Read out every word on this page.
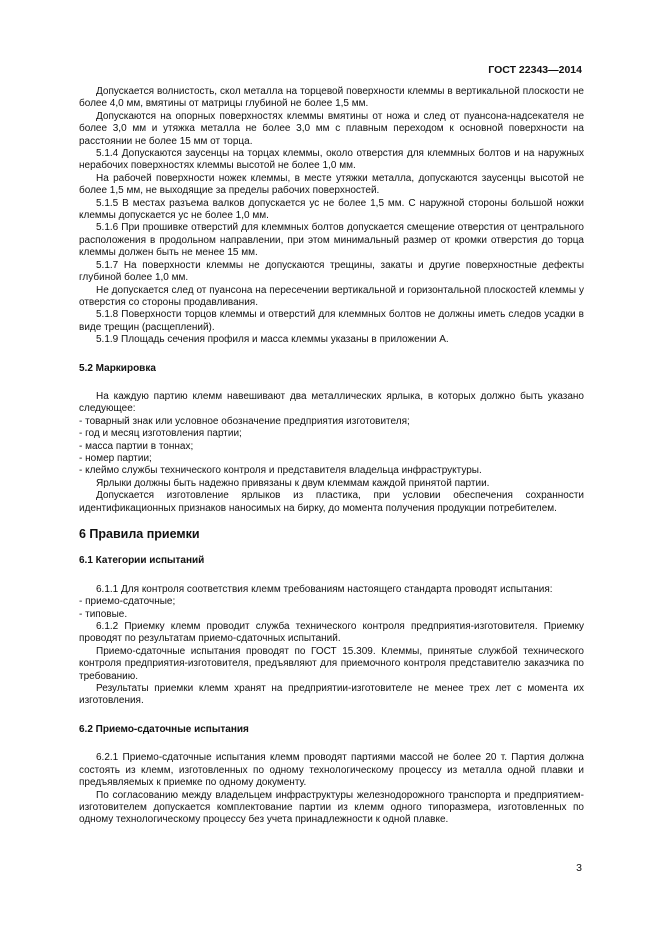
ГОСТ 22343—2014

Допускается волнистость, скол металла на торцевой поверхности клеммы в вертикальной плоскости не более 4,0 мм, вмятины от матрицы глубиной не более 1,5 мм.

Допускаются на опорных поверхностях клеммы вмятины от ножа и след от пуансона-надсекателя не более 3,0 мм и утяжка металла не более 3,0 мм с плавным переходом к основной поверхности на расстоянии не более 15 мм от торца.

5.1.4 Допускаются заусенцы на торцах клеммы, около отверстия для клеммных болтов и на наружных нерабочих поверхностях клеммы высотой не более 1,0 мм.

На рабочей поверхности ножек клеммы, в месте утяжки металла, допускаются заусенцы высотой не более 1,5 мм, не выходящие за пределы рабочих поверхностей.

5.1.5 В местах разъема валков допускается ус не более 1,5 мм. С наружной стороны большой ножки клеммы допускается ус не более 1,0 мм.

5.1.6 При прошивке отверстий для клеммных болтов допускается смещение отверстия от центрального расположения в продольном направлении, при этом минимальный размер от кромки отверстия до торца клеммы должен быть не менее 15 мм.

5.1.7 На поверхности клеммы не допускаются трещины, закаты и другие поверхностные дефекты глубиной более 1,0 мм.

Не допускается след от пуансона на пересечении вертикальной и горизонтальной плоскостей клеммы у отверстия со стороны продавливания.

5.1.8 Поверхности торцов клеммы и отверстий для клеммных болтов не должны иметь следов усадки в виде трещин (расщеплений).

5.1.9 Площадь сечения профиля и масса клеммы указаны в приложении А.

5.2 Маркировка

На каждую партию клемм навешивают два металлических ярлыка, в которых должно быть указано следующее:

- товарный знак или условное обозначение предприятия изготовителя;

- год и месяц изготовления партии;

- масса партии в тоннах;

- номер партии;

- клеймо службы технического контроля и представителя владельца инфраструктуры.

Ярлыки должны быть надежно привязаны к двум клеммам каждой принятой партии.

Допускается изготовление ярлыков из пластика, при условии обеспечения сохранности идентификационных признаков наносимых на бирку, до момента получения продукции потребителем.

6 Правила приемки
6.1 Категории испытаний

6.1.1 Для контроля соответствия клемм требованиям настоящего стандарта проводят испытания:

- приемо-сдаточные;

- типовые.

6.1.2 Приемку клемм проводит служба технического контроля предприятия-изготовителя. Приемку проводят по результатам приемо-сдаточных испытаний.

Приемо-сдаточные испытания проводят по ГОСТ 15.309. Клеммы, принятые службой технического контроля предприятия-изготовителя, предъявляют для приемочного контроля представителю заказчика по требованию.

Результаты приемки клемм хранят на предприятии-изготовителе не менее трех лет с момента их изготовления.

6.2 Приемо-сдаточные испытания

6.2.1 Приемо-сдаточные испытания клемм проводят партиями массой не более 20 т. Партия должна состоять из клемм, изготовленных по одному технологическому процессу из металла одной плавки и предъявляемых к приемке по одному документу.

По согласованию между владельцем инфраструктуры железнодорожного транспорта и предприятием-изготовителем допускается комплектование партии из клемм одного типоразмера, изготовленных по одному технологическому процессу без учета принадлежности к одной плавке.

3
